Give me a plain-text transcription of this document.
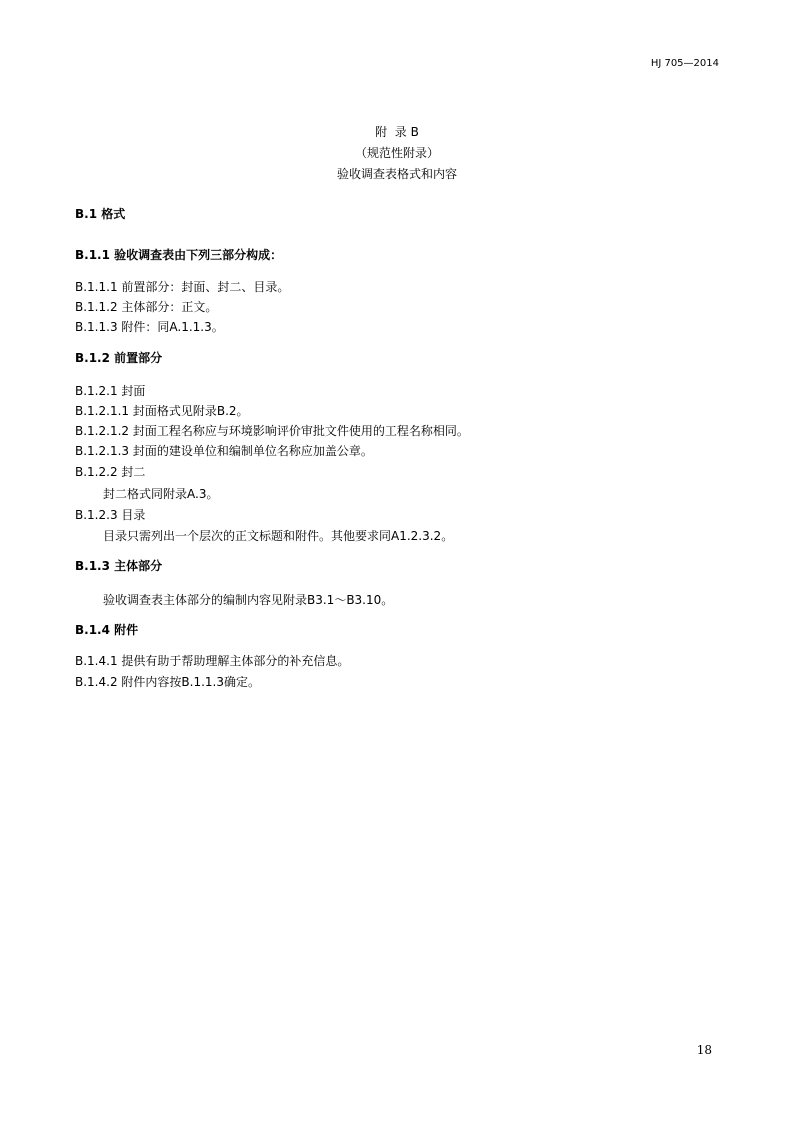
HJ 705—2014
附  录 B
（规范性附录）
验收调查表格式和内容
B.1 格式
B.1.1 验收调查表由下列三部分构成：
B.1.1.1 前置部分：封面、封二、目录。
B.1.1.2 主体部分：正文。
B.1.1.3 附件：同A.1.1.3。
B.1.2 前置部分
B.1.2.1 封面
B.1.2.1.1 封面格式见附录B.2。
B.1.2.1.2 封面工程名称应与环境影响评价审批文件使用的工程名称相同。
B.1.2.1.3 封面的建设单位和编制单位名称应加盖公章。
B.1.2.2 封二
封二格式同附录A.3。
B.1.2.3 目录
目录只需列出一个层次的正文标题和附件。其他要求同A1.2.3.2。
B.1.3 主体部分
验收调查表主体部分的编制内容见附录B3.1～B3.10。
B.1.4 附件
B.1.4.1 提供有助于帮助理解主体部分的补充信息。
B.1.4.2 附件内容按B.1.1.3确定。
18
